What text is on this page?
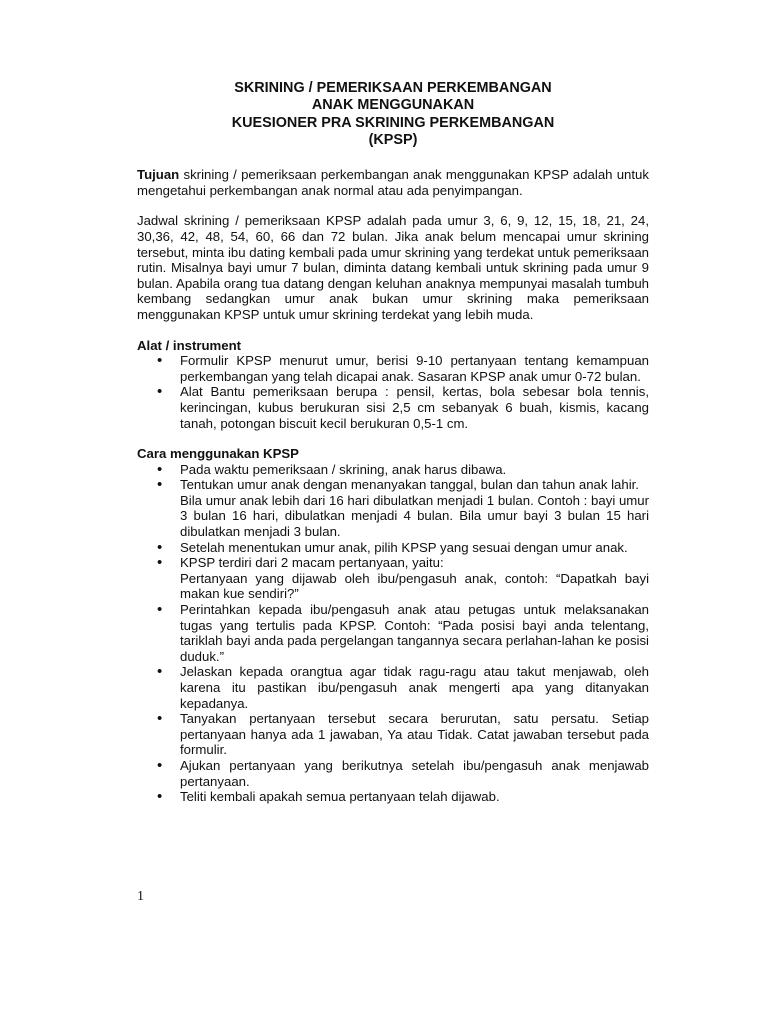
SKRINING / PEMERIKSAAN PERKEMBANGAN
ANAK MENGGUNAKAN
KUESIONER PRA SKRINING PERKEMBANGAN
(KPSP)

Tujuan skrining / pemeriksaan perkembangan anak menggunakan KPSP adalah untuk mengetahui perkembangan anak normal atau ada penyimpangan.

Jadwal skrining / pemeriksaan KPSP adalah pada umur 3, 6, 9, 12, 15, 18, 21, 24, 30,36, 42, 48, 54, 60, 66 dan 72 bulan. Jika anak belum mencapai umur skrining tersebut, minta ibu dating kembali pada umur skrining yang terdekat untuk pemeriksaan rutin. Misalnya bayi umur 7 bulan, diminta datang kembali untuk skrining pada umur 9 bulan. Apabila orang tua datang dengan keluhan anaknya mempunyai masalah tumbuh kembang sedangkan umur anak bukan umur skrining maka pemeriksaan menggunakan KPSP untuk umur skrining terdekat yang lebih muda.

Alat / instrument
• Formulir KPSP menurut umur, berisi 9-10 pertanyaan tentang kemampuan perkembangan yang telah dicapai anak. Sasaran KPSP anak umur 0-72 bulan.
• Alat Bantu pemeriksaan berupa : pensil, kertas, bola sebesar bola tennis, kerincingan, kubus berukuran sisi 2,5 cm sebanyak 6 buah, kismis, kacang tanah, potongan biscuit kecil berukuran 0,5-1 cm.
Cara menggunakan KPSP
• Pada waktu pemeriksaan / skrining, anak harus dibawa.
• Tentukan umur anak dengan menanyakan tanggal, bulan dan tahun anak lahir.
Bila umur anak lebih dari 16 hari dibulatkan menjadi 1 bulan. Contoh : bayi umur 3 bulan 16 hari, dibulatkan menjadi 4 bulan. Bila umur bayi 3 bulan 15 hari dibulatkan menjadi 3 bulan.
• Setelah menentukan umur anak, pilih KPSP yang sesuai dengan umur anak.
• KPSP terdiri dari 2 macam pertanyaan, yaitu:
Pertanyaan yang dijawab oleh ibu/pengasuh anak, contoh: “Dapatkah bayi makan kue sendiri?”
• Perintahkan kepada ibu/pengasuh anak atau petugas untuk melaksanakan tugas yang tertulis pada KPSP. Contoh: “Pada posisi bayi anda telentang, tariklah bayi anda pada pergelangan tangannya secara perlahan-lahan ke posisi duduk.”
• Jelaskan kepada orangtua agar tidak ragu-ragu atau takut menjawab, oleh karena itu pastikan ibu/pengasuh anak mengerti apa yang ditanyakan kepadanya.
• Tanyakan pertanyaan tersebut secara berurutan, satu persatu. Setiap pertanyaan hanya ada 1 jawaban, Ya atau Tidak. Catat jawaban tersebut pada formulir.
• Ajukan pertanyaan yang berikutnya setelah ibu/pengasuh anak menjawab pertanyaan.
• Teliti kembali apakah semua pertanyaan telah dijawab.
1
